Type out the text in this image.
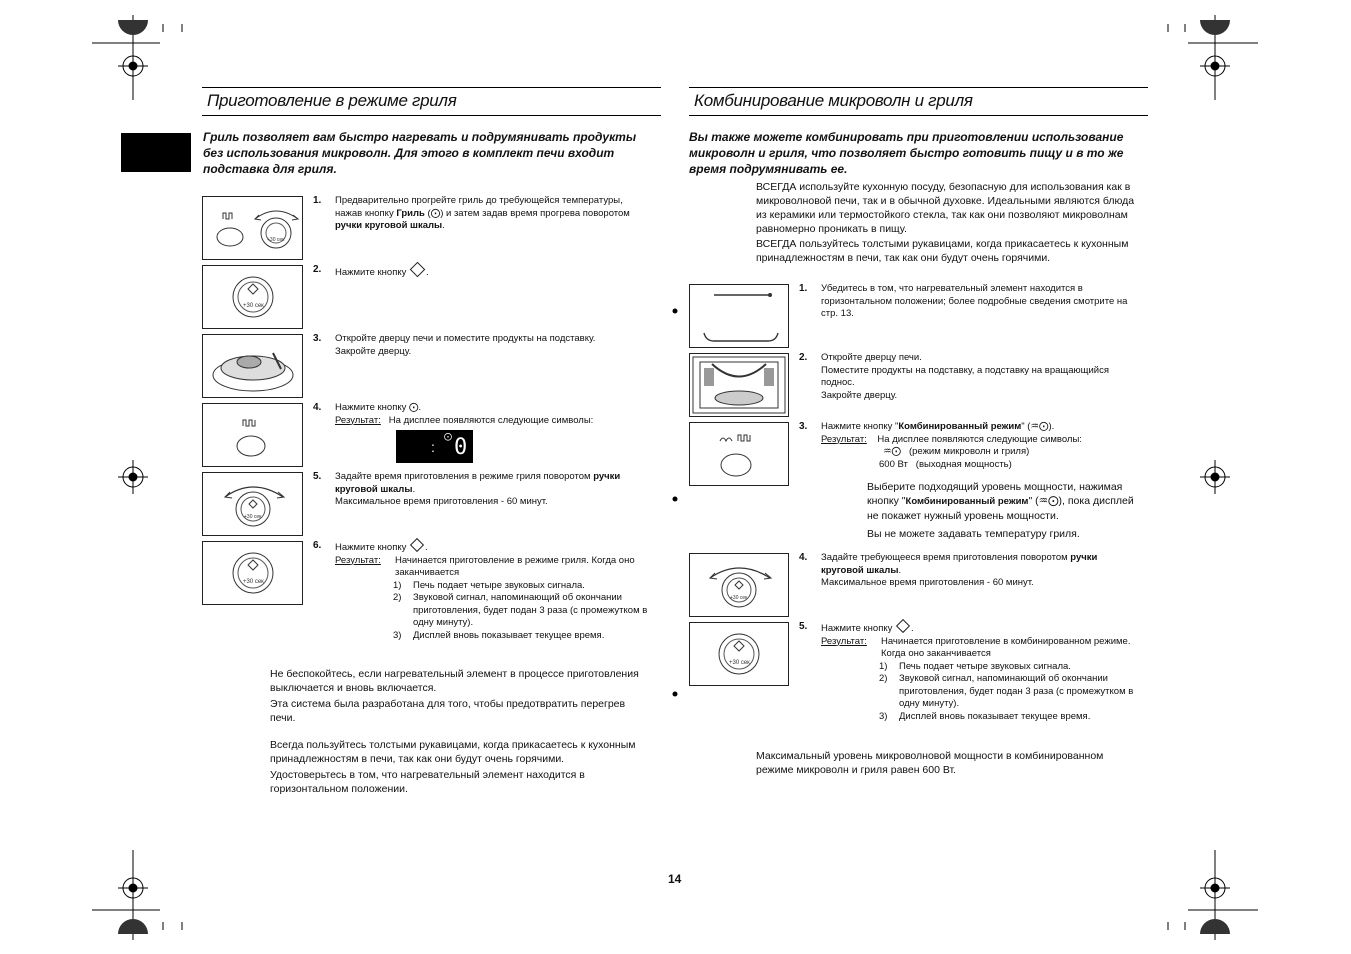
Приготовление в режиме гриля
Гриль позволяет вам быстро нагревать и подрумянивать продукты без использования микроволн. Для этого в комплект печи входит подставка для гриля.
+30 сек
+30 сек
+30 сек
+30 сек
1. Предварительно прогрейте гриль до требующейся температуры,
нажав кнопку Гриль (⨀) и затем задав время прогрева поворотом
ручки круговой шкалы.
2. Нажмите кнопку .
3. Откройте дверцу печи и поместите продукты на подставку.
Закройте дверцу.
4. Нажмите кнопку ⨀.
Результат: На дисплее появляются следующие символы:
⨀
: 0
5. Задайте время приготовления в режиме гриля поворотом ручки
круговой шкалы.
Максимальное время приготовления - 60 минут.
6. Нажмите кнопку .
Результат:	Начинается приготовление в режиме гриля. Когда оно
заканчивается
1)	Печь подает четыре звуковых сигнала.
2)	Звуковой сигнал, напоминающий об окончании
приготовления, будет подан 3 раза (с промежутком в
одну минуту).
3)	Дисплей вновь показывает текущее время.
Не беспокойтесь, если нагревательный элемент в процессе приготовления
выключается и вновь включается.
Эта система была разработана для того, чтобы предотвратить перегрев
печи.
Всегда пользуйтесь толстыми рукавицами, когда прикасаетесь к кухонным
принадлежностям в печи, так как они будут очень горячими.
Удостоверьтесь в том, что нагревательный элемент находится в
горизонтальном положении.
Комбинирование микроволн и гриля
Вы также можете комбинировать при приготовлении использование микроволн и гриля, что позволяет быстро готовить пищу и в то же время подрумянивать ее.
ВСЕГДА используйте кухонную посуду, безопасную для использования как в
микроволновой печи, так и в обычной духовке. Идеальными являются блюда
из керамики или термостойкого стекла, так как они позволяют микроволнам
равномерно проникать в пищу.
ВСЕГДА пользуйтесь толстыми рукавицами, когда прикасаетесь к кухонным
принадлежностям в печи, так как они будут очень горячими.
+30 сек
+30 сек
1. Убедитесь в том, что нагревательный элемент находится в
горизонтальном положении; более подробные сведения смотрите на
стр. 13.
2. Откройте дверцу печи.
Поместите продукты на подставку, а подставку на вращающийся
поднос.
Закройте дверцу.
3. Нажмите кнопку "Комбинированный режим" (♒⨀).
Результат: На дисплее появляются следующие символы:
♒⨀ (режим микроволн и гриля)
600 Вт (выходная мощность)
Выберите подходящий уровень мощности, нажимая
кнопку "Комбинированный режим" (♒⨀), пока дисплей
не покажет нужный уровень мощности.
Вы не можете задавать температуру гриля.
4. Задайте требующееся время приготовления поворотом ручки
круговой шкалы.
Максимальное время приготовления - 60 минут.
5. Нажмите кнопку .
Результат:	Начинается приготовление в комбинированном режиме.
Когда оно заканчивается
1)	Печь подает четыре звуковых сигнала.
2)	Звуковой сигнал, напоминающий об окончании
приготовления, будет подан 3 раза (с промежутком в
одну минуту).
3)	Дисплей вновь показывает текущее время.
Максимальный уровень микроволновой мощности в комбинированном
режиме микроволн и гриля равен 600 Вт.
14
